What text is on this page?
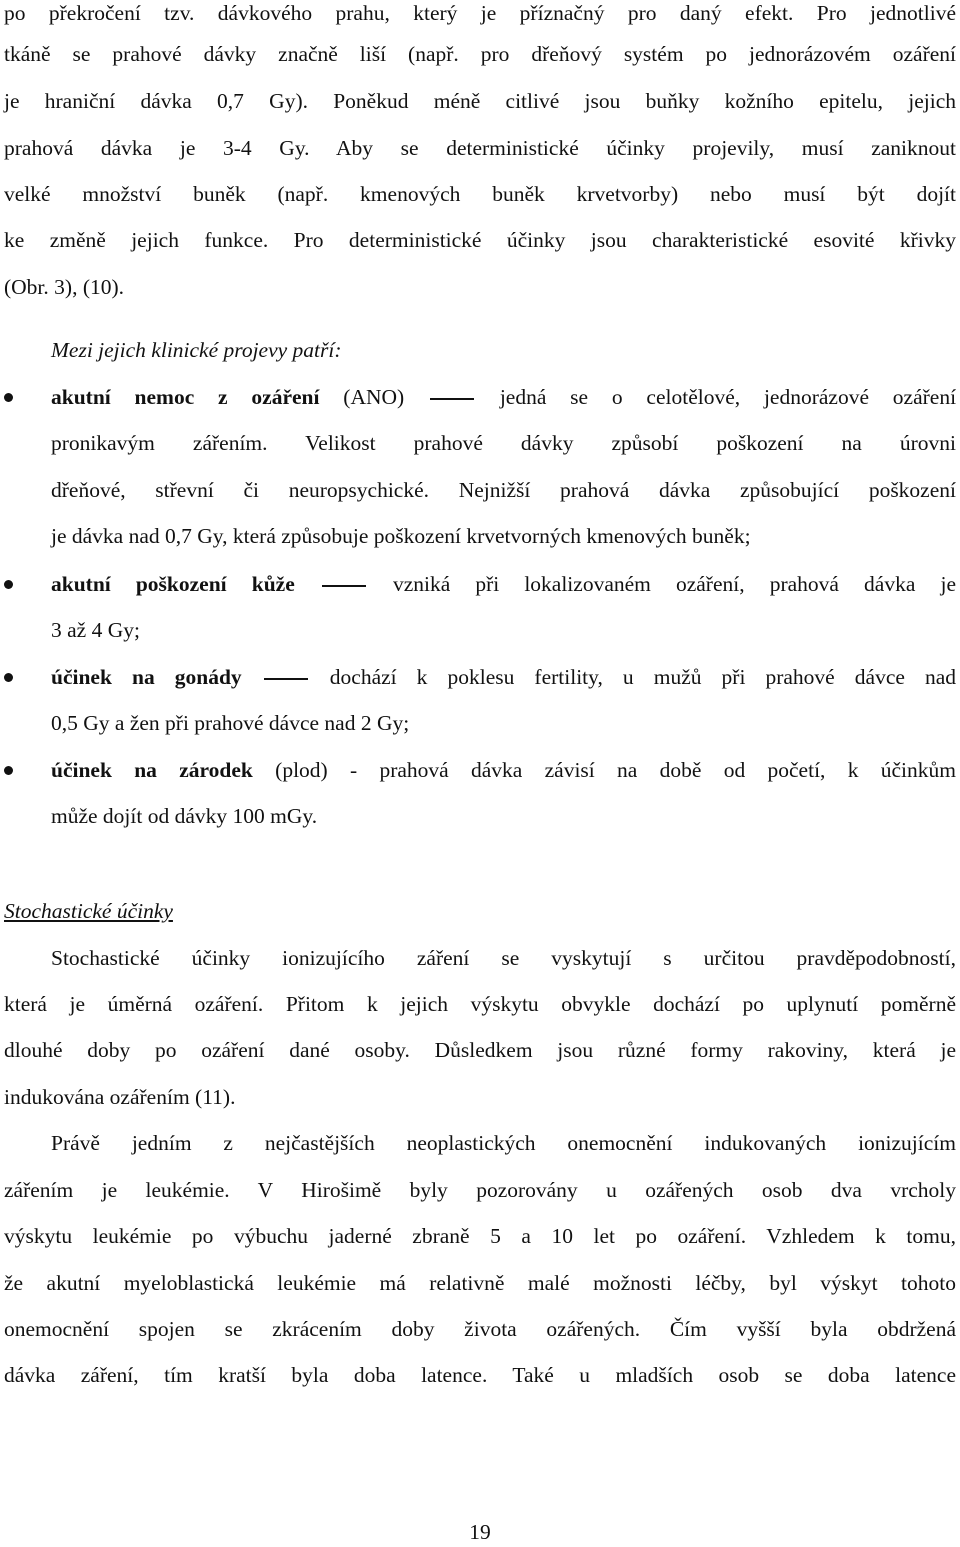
po překročení tzv. dávkového prahu, který je příznačný pro daný efekt. Pro jednotlivé
tkáně se prahové dávky značně liší (např. pro dřeňový systém po jednorázovém ozáření
je hraniční dávka 0,7 Gy). Poněkud méně citlivé jsou buňky kožního epitelu, jejich
prahová dávka je 3-4 Gy. Aby se deterministické účinky projevily, musí zaniknout
velké množství buněk (např. kmenových buněk krvetvorby) nebo musí být dojít
ke změně jejich funkce. Pro deterministické účinky jsou charakteristické esovité křivky
(Obr. 3), (10).
Mezi jejich klinické projevy patří:
akutní nemoc z ozáření (ANO)	jedná se o celotělové, jednorázové ozáření
pronikavým zářením. Velikost prahové dávky způsobí poškození na úrovni
dřeňové, střevní či neuropsychické. Nejnižší prahová dávka způsobující poškození
je dávka nad 0,7 Gy, která způsobuje poškození krvetvorných kmenových buněk;
akutní poškození kůže	vzniká při lokalizovaném ozáření, prahová dávka je
3 až 4 Gy;
účinek na gonády	dochází k poklesu fertility, u mužů při prahové dávce nad
0,5 Gy a žen při prahové dávce nad 2 Gy;
účinek na zárodek (plod) - prahová dávka závisí na době od početí, k účinkům
může dojít od dávky 100 mGy.
Stochastické účinky
Stochastické účinky ionizujícího záření se vyskytují s určitou pravděpodobností,
která je úměrná ozáření. Přitom k jejich výskytu obvykle dochází po uplynutí poměrně
dlouhé doby po ozáření dané osoby. Důsledkem jsou různé formy rakoviny, která je
indukována ozářením (11).
Právě jedním z nejčastějších neoplastických onemocnění indukovaných ionizujícím
zářením je leukémie. V Hirošimě byly pozorovány u ozářených osob dva vrcholy
výskytu leukémie po výbuchu jaderné zbraně 5 a 10 let po ozáření. Vzhledem k tomu,
že akutní myeloblastická leukémie má relativně malé možnosti léčby, byl výskyt tohoto
onemocnění spojen se zkrácením doby života ozářených. Čím vyšší byla obdržená
dávka záření, tím kratší byla doba latence. Také u mladších osob se doba latence
19
